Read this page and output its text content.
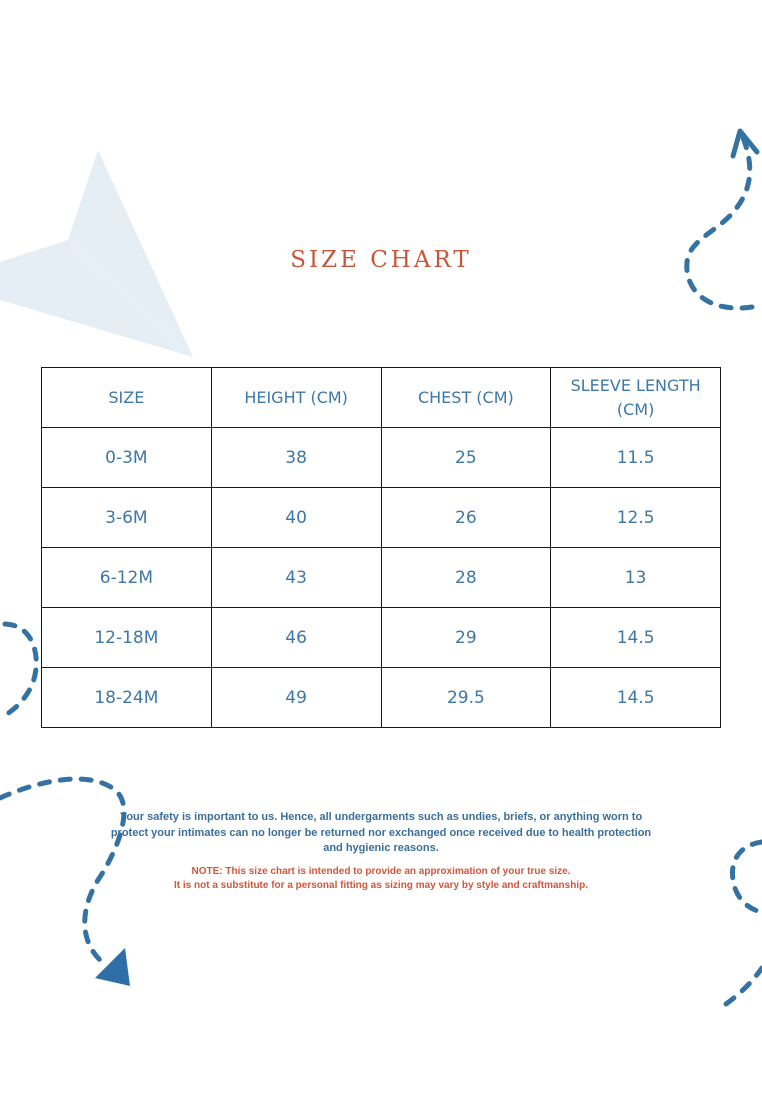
SIZE CHART
SIZE	HEIGHT (CM)	CHEST (CM)	SLEEVE LENGTH (CM)
0-3M	38	25	11.5
3-6M	40	26	12.5
6-12M	43	28	13
12-18M	46	29	14.5
18-24M	49	29.5	14.5
Your safety is important to us. Hence, all undergarments such as undies, briefs, or anything worn to protect your intimates can no longer be returned nor exchanged once received due to health protection and hygienic reasons.
NOTE: This size chart is intended to provide an approximation of your true size.
It is not a substitute for a personal fitting as sizing may vary by style and craftmanship.
